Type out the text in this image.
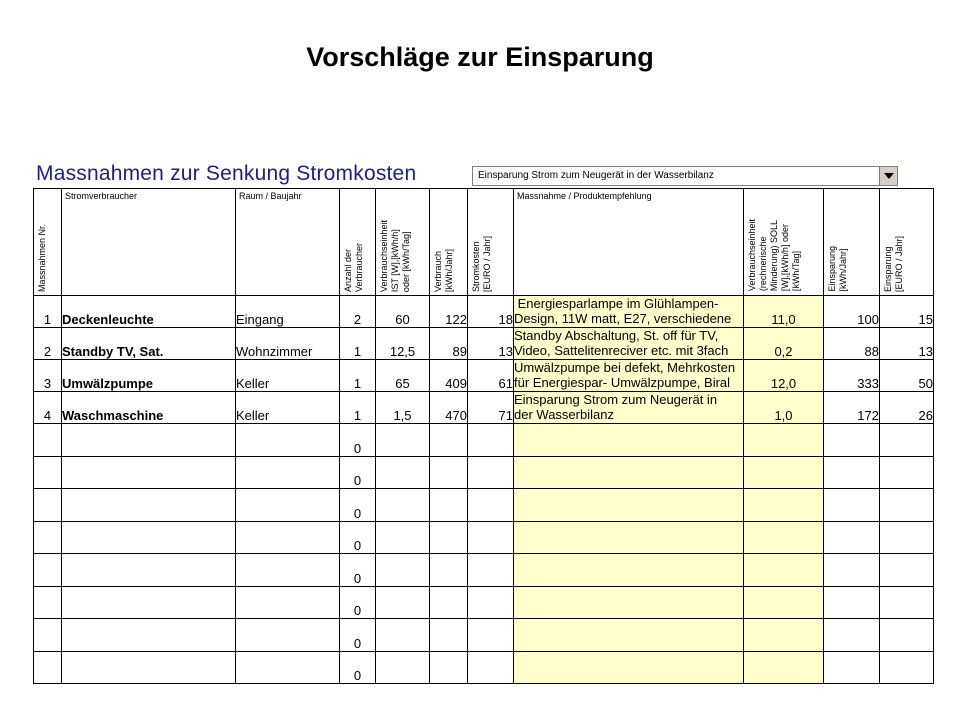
Vorschläge zur Einsparung
Massnahmen zur Senkung Stromkosten	Einsparung Strom zum Neugerät in der Wasserbilanz
Massnahmen Nr.	Stromverbraucher	Raum / Baujahr	Anzahl der
Verbraucher	Verbrauchseinheit
IST [W],[kWh/h]
oder [kWh/Tag]	Verbrauch
[kWh/Jahr]	Stromkosten
[EURO / Jahr]	Massnahme / Produktempfehlung	Verbrauchseinheit
(rechnerische
Minderung) SOLL
[W],[kWh/h] oder
[kWh/Tag]	Einsparung
[kWh/Jahr]	Einsparung
[EURO / Jahr]

1	Deckenleuchte	Eingang	2	60	122	18	Energiesparlampe im Glühlampen-
Design, 11W matt, E27, verschiedene	11,0	100	15
2	Standby TV, Sat.	Wohnzimmer	1	12,5	89	13	Standby Abschaltung, St. off für TV,
Video, Sattelitenreciver etc. mit 3fach	0,2	88	13
3	Umwälzpumpe	Keller	1	65	409	61	Umwälzpumpe bei defekt, Mehrkosten
für Energiespar- Umwälzpumpe, Biral	12,0	333	50
4	Waschmaschine	Keller	1	1,5	470	71	Einsparung Strom zum Neugerät in
der Wasserbilanz	1,0	172	26
			0							
			0							
			0							
			0							
			0							
			0							
			0							
			0							
